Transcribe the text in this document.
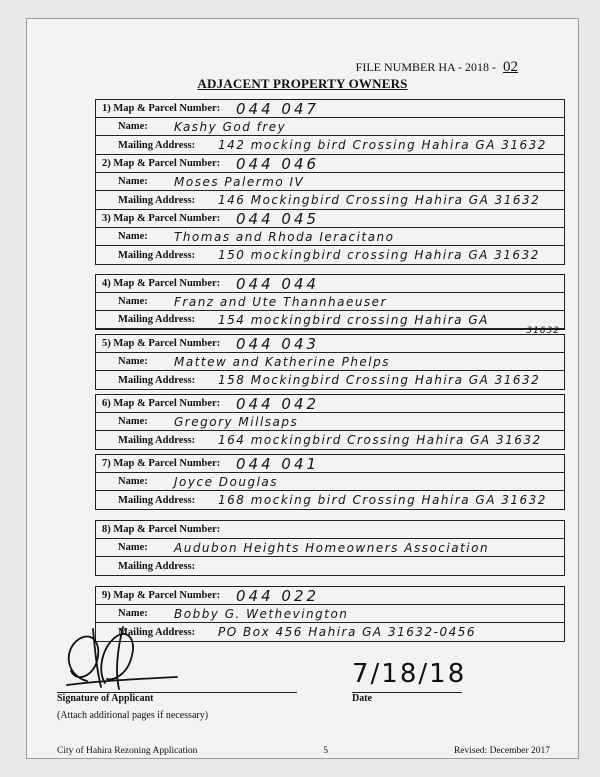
FILE NUMBER HA - 2018 - 02
ADJACENT PROPERTY OWNERS
1) Map & Parcel Number: 044 047
Name: Kashy God frey
Mailing Address: 142 mocking bird Crossing Hahira GA 31632
2) Map & Parcel Number: 044 046
Name: Moses Palermo IV
Mailing Address: 146 Mockingbird Crossing Hahira GA 31632
3) Map & Parcel Number: 044 045
Name: Thomas and Rhoda Ieracitano
Mailing Address: 150 mockingbird crossing Hahira GA 31632
4) Map & Parcel Number: 044 044
Name: Franz and Ute Thannhaeuser
Mailing Address: 154 mockingbird crossing Hahira GA
31632
5) Map & Parcel Number: 044 043
Name: Mattew and Katherine Phelps
Mailing Address: 158 Mockingbird Crossing Hahira GA 31632
6) Map & Parcel Number: 044 042
Name: Gregory Millsaps
Mailing Address: 164 mockingbird Crossing Hahira GA 31632
7) Map & Parcel Number: 044 041
Name: Joyce Douglas
Mailing Address: 168 mocking bird Crossing Hahira GA 31632
8) Map & Parcel Number:
Name: Audubon Heights Homeowners Association
Mailing Address:
9) Map & Parcel Number: 044 022
Name: Bobby G. Wethevington
Mailing Address: PO Box 456 Hahira GA 31632-0456
Signature of Applicant
7/18/18
Date
(Attach additional pages if necessary)
City of Hahira Rezoning Application	5	Revised: December 2017
